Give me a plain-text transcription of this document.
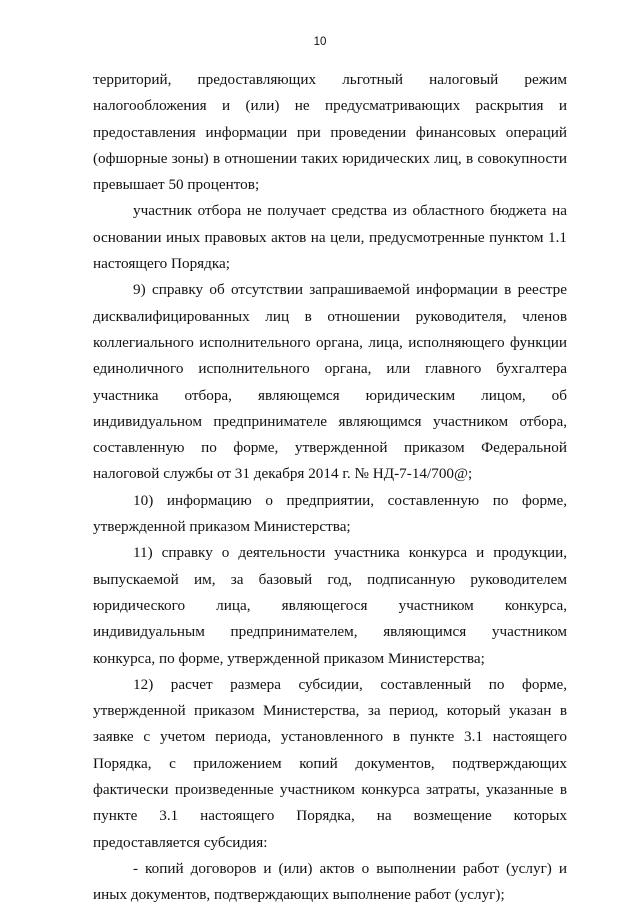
10

территорий, предоставляющих льготный налоговый режим налогообложения и (или) не предусматривающих раскрытия и предоставления информации при проведении финансовых операций (офшорные зоны) в отношении таких юридических лиц, в совокупности превышает 50 процентов;

участник отбора не получает средства из областного бюджета на основании иных правовых актов на цели, предусмотренные пунктом 1.1 настоящего Порядка;

9) справку об отсутствии запрашиваемой информации в реестре дисквалифицированных лиц в отношении руководителя, членов коллегиального исполнительного органа, лица, исполняющего функции единоличного исполнительного органа, или главного бухгалтера участника отбора, являющемся юридическим лицом, об индивидуальном предпринимателе являющимся участником отбора, составленную по форме, утвержденной приказом Федеральной налоговой службы от 31 декабря 2014 г. № НД-7-14/700@;

10) информацию о предприятии, составленную по форме, утвержденной приказом Министерства;

11) справку о деятельности участника конкурса и продукции, выпускаемой им, за базовый год, подписанную руководителем юридического лица, являющегося участником конкурса, индивидуальным предпринимателем, являющимся участником конкурса, по форме, утвержденной приказом Министерства;

12) расчет размера субсидии, составленный по форме, утвержденной приказом Министерства, за период, который указан в заявке с учетом периода, установленного в пункте 3.1 настоящего Порядка, с приложением копий документов, подтверждающих фактически произведенные участником конкурса затраты, указанные в пункте 3.1 настоящего Порядка, на возмещение которых предоставляется субсидия:

- копий договоров и (или) актов о выполнении работ (услуг) и иных документов, подтверждающих выполнение работ (услуг);
